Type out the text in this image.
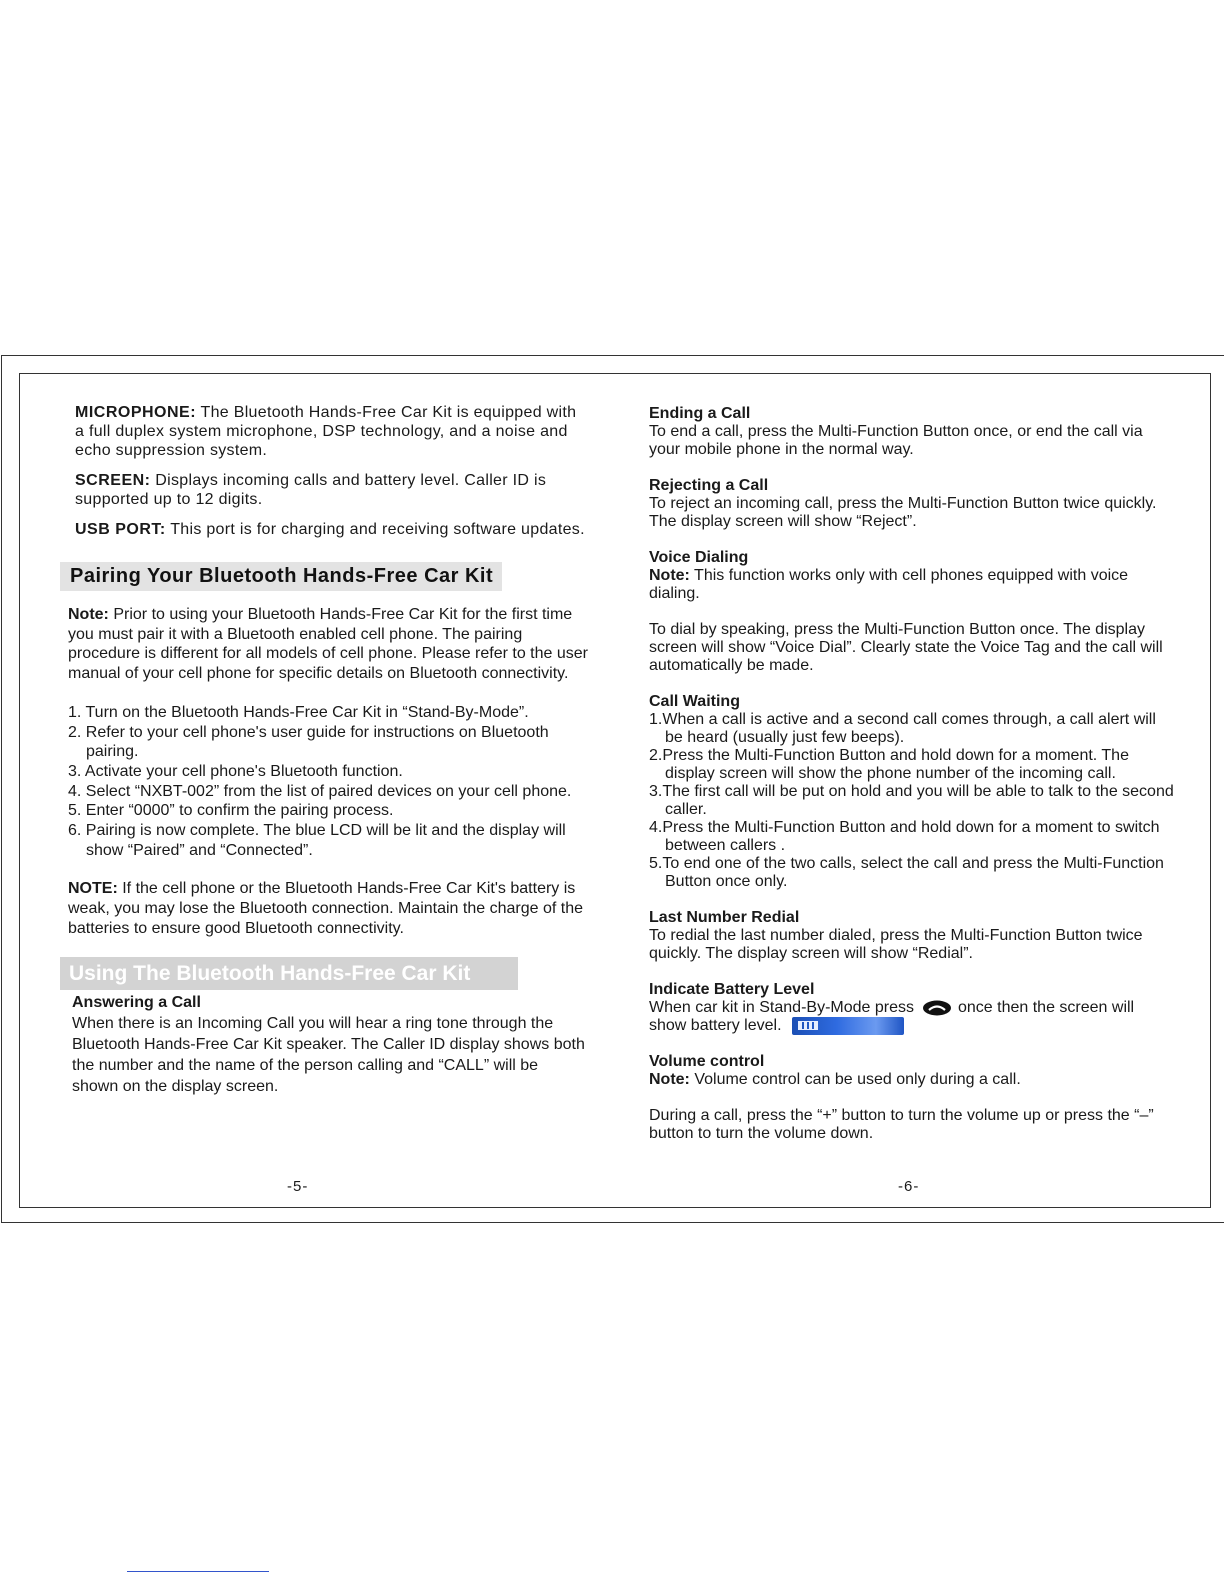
MICROPHONE: The Bluetooth Hands-Free Car Kit is equipped with a full duplex system microphone, DSP technology, and a noise and echo suppression system.

SCREEN: Displays incoming calls and battery level. Caller ID is supported up to 12 digits.

USB PORT: This port is for charging and receiving software updates.

Pairing Your Bluetooth Hands-Free Car Kit

Note: Prior to using your Bluetooth Hands-Free Car Kit for the first time you must pair it with a Bluetooth enabled cell phone. The pairing procedure is different for all models of cell phone. Please refer to the user manual of your cell phone for specific details on Bluetooth connectivity.

1. Turn on the Bluetooth Hands-Free Car Kit in “Stand-By-Mode”.
2. Refer to your cell phone's user guide for instructions on Bluetooth pairing.
3. Activate your cell phone's Bluetooth function.
4. Select “NXBT-002” from the list of paired devices on your cell phone.
5. Enter “0000” to confirm the pairing process.
6. Pairing is now complete. The blue LCD will be lit and the display will show “Paired” and “Connected”.

NOTE: If the cell phone or the Bluetooth Hands-Free Car Kit's battery is weak, you may lose the Bluetooth connection. Maintain the charge of the batteries to ensure good Bluetooth connectivity.

Using The Bluetooth Hands-Free Car Kit

Answering a Call

When there is an Incoming Call you will hear a ring tone through the Bluetooth Hands-Free Car Kit speaker. The Caller ID display shows both the number and the name of the person calling and “CALL” will be shown on the display screen.

-5-

Ending a Call

To end a call, press the Multi-Function Button once, or end the call via your mobile phone in the normal way.

Rejecting a Call

To reject an incoming call, press the Multi-Function Button twice quickly. The display screen will show “Reject”.

Voice Dialing

Note: This function works only with cell phones equipped with voice dialing.

To dial by speaking, press the Multi-Function Button once. The display screen will show “Voice Dial”. Clearly state the Voice Tag and the call will automatically be made.

Call Waiting

1.When a call is active and a second call comes through, a call alert will be heard (usually just few beeps).
2.Press the Multi-Function Button and hold down for a moment. The display screen will show the phone number of the incoming call.
3.The first call will be put on hold and you will be able to talk to the second caller.
4.Press the Multi-Function Button and hold down for a moment to switch between callers .
5.To end one of the two calls, select the call and press the Multi-Function Button once only.

Last Number Redial

To redial the last number dialed, press the Multi-Function Button twice quickly. The display screen will show “Redial”.

Indicate Battery Level

When car kit in Stand-By-Mode press	once then the screen will show battery level.

Volume control

Note: Volume control can be used only during a call.

During a call, press the “+” button to turn the volume up or press the “–” button to turn the volume down.

-6-
